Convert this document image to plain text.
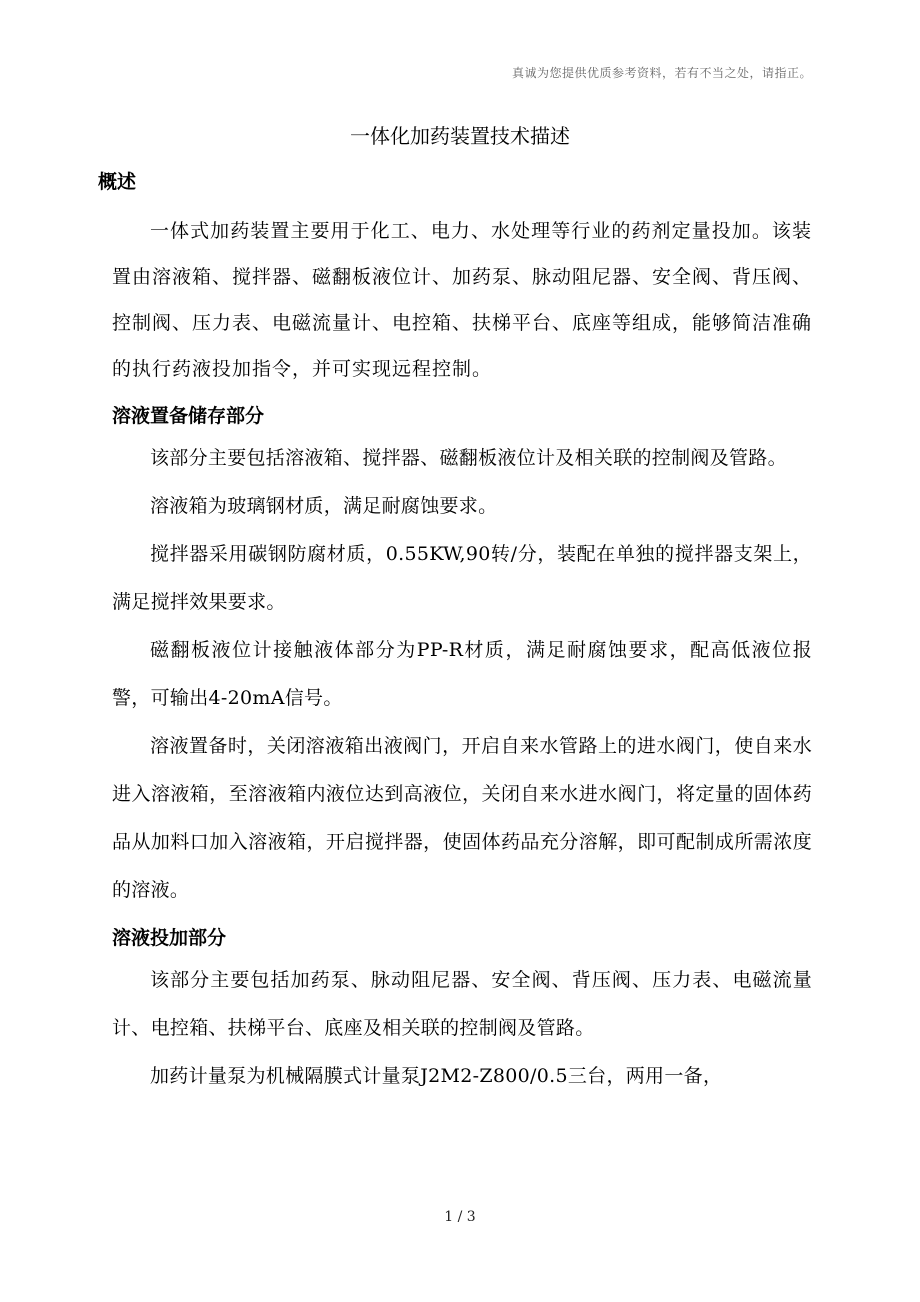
真诚为您提供优质参考资料，若有不当之处，请指正。
一体化加药装置技术描述
概述

一体式加药装置主要用于化工、电力、水处理等行业的药剂定量投加。该装置由溶液箱、搅拌器、磁翻板液位计、加药泵、脉动阻尼器、安全阀、背压阀、控制阀、压力表、电磁流量计、电控箱、扶梯平台、底座等组成，能够简洁准确的执行药液投加指令，并可实现远程控制。

溶液置备储存部分

该部分主要包括溶液箱、搅拌器、磁翻板液位计及相关联的控制阀及管路。

溶液箱为玻璃钢材质，满足耐腐蚀要求。

搅拌器采用碳钢防腐材质，0.55KW,90转/分，装配在单独的搅拌器支架上，满足搅拌效果要求。

磁翻板液位计接触液体部分为PP-R材质，满足耐腐蚀要求，配高低液位报警，可输出4-20mA信号。

溶液置备时，关闭溶液箱出液阀门，开启自来水管路上的进水阀门，使自来水进入溶液箱，至溶液箱内液位达到高液位，关闭自来水进水阀门，将定量的固体药品从加料口加入溶液箱，开启搅拌器，使固体药品充分溶解，即可配制成所需浓度的溶液。

溶液投加部分

该部分主要包括加药泵、脉动阻尼器、安全阀、背压阀、压力表、电磁流量计、电控箱、扶梯平台、底座及相关联的控制阀及管路。

加药计量泵为机械隔膜式计量泵J2M2-Z800/0.5三台，两用一备，

1 / 3
